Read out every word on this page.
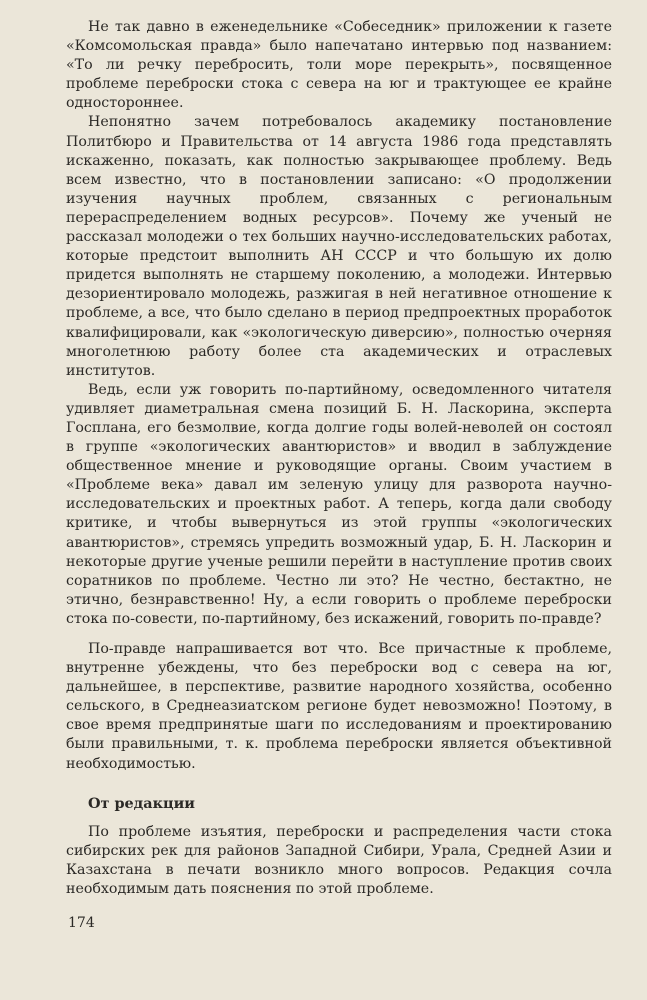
Не так давно в еженедельнике «Собеседник» приложении к газете «Комсомольская правда» было напечатано интервью под названием: «То ли речку перебросить, толи море перекрыть», посвященное проблеме переброски стока с севера на юг и трактующее ее крайне одностороннее.

Непонятно зачем потребовалось академику постановление Политбюро и Правительства от 14 августа 1986 года представлять искаженно, показать, как полностью закрывающее проблему. Ведь всем известно, что в постановлении записано: «О продолжении изучения научных проблем, связанных с региональным перераспределением водных ресурсов». Почему же ученый не рассказал молодежи о тех больших научно-исследовательских работах, которые предстоит выполнить АН СССР и что большую их долю придется выполнять не старшему поколению, а молодежи. Интервью дезориентировало молодежь, разжигая в ней негативное отношение к проблеме, а все, что было сделано в период предпроектных проработок квалифицировали, как «экологическую диверсию», полностью очерняя многолетнюю работу более ста академических и отраслевых институтов.

Ведь, если уж говорить по-партийному, осведомленного читателя удивляет диаметральная смена позиций Б. Н. Ласкорина, эксперта Госплана, его безмолвие, когда долгие годы волей-неволей он состоял в группе «экологических авантюристов» и вводил в заблуждение общественное мнение и руководящие органы. Своим участием в «Проблеме века» давал им зеленую улицу для разворота научно-исследовательских и проектных работ. А теперь, когда дали свободу критике, и чтобы вывернуться из этой группы «экологических авантюристов», стремясь упредить возможный удар, Б. Н. Ласкорин и некоторые другие ученые решили перейти в наступление против своих соратников по проблеме. Честно ли это? Не честно, бестактно, не этично, безнравственно! Ну, а если говорить о проблеме переброски стока по-совести, по-партийному, без искажений, говорить по-правде?

По-правде напрашивается вот что. Все причастные к проблеме, внутренне убеждены, что без переброски вод с севера на юг, дальнейшее, в перспективе, развитие народного хозяйства, особенно сельского, в Среднеазиатском регионе будет невозможно! Поэтому, в свое время предпринятые шаги по исследованиям и проектированию были правильными, т. к. проблема переброски является объективной необходимостью.

От редакции

По проблеме изъятия, переброски и распределения части стока сибирских рек для районов Западной Сибири, Урала, Средней Азии и Казахстана в печати возникло много вопросов. Редакция сочла необходимым дать пояснения по этой проблеме.

174
